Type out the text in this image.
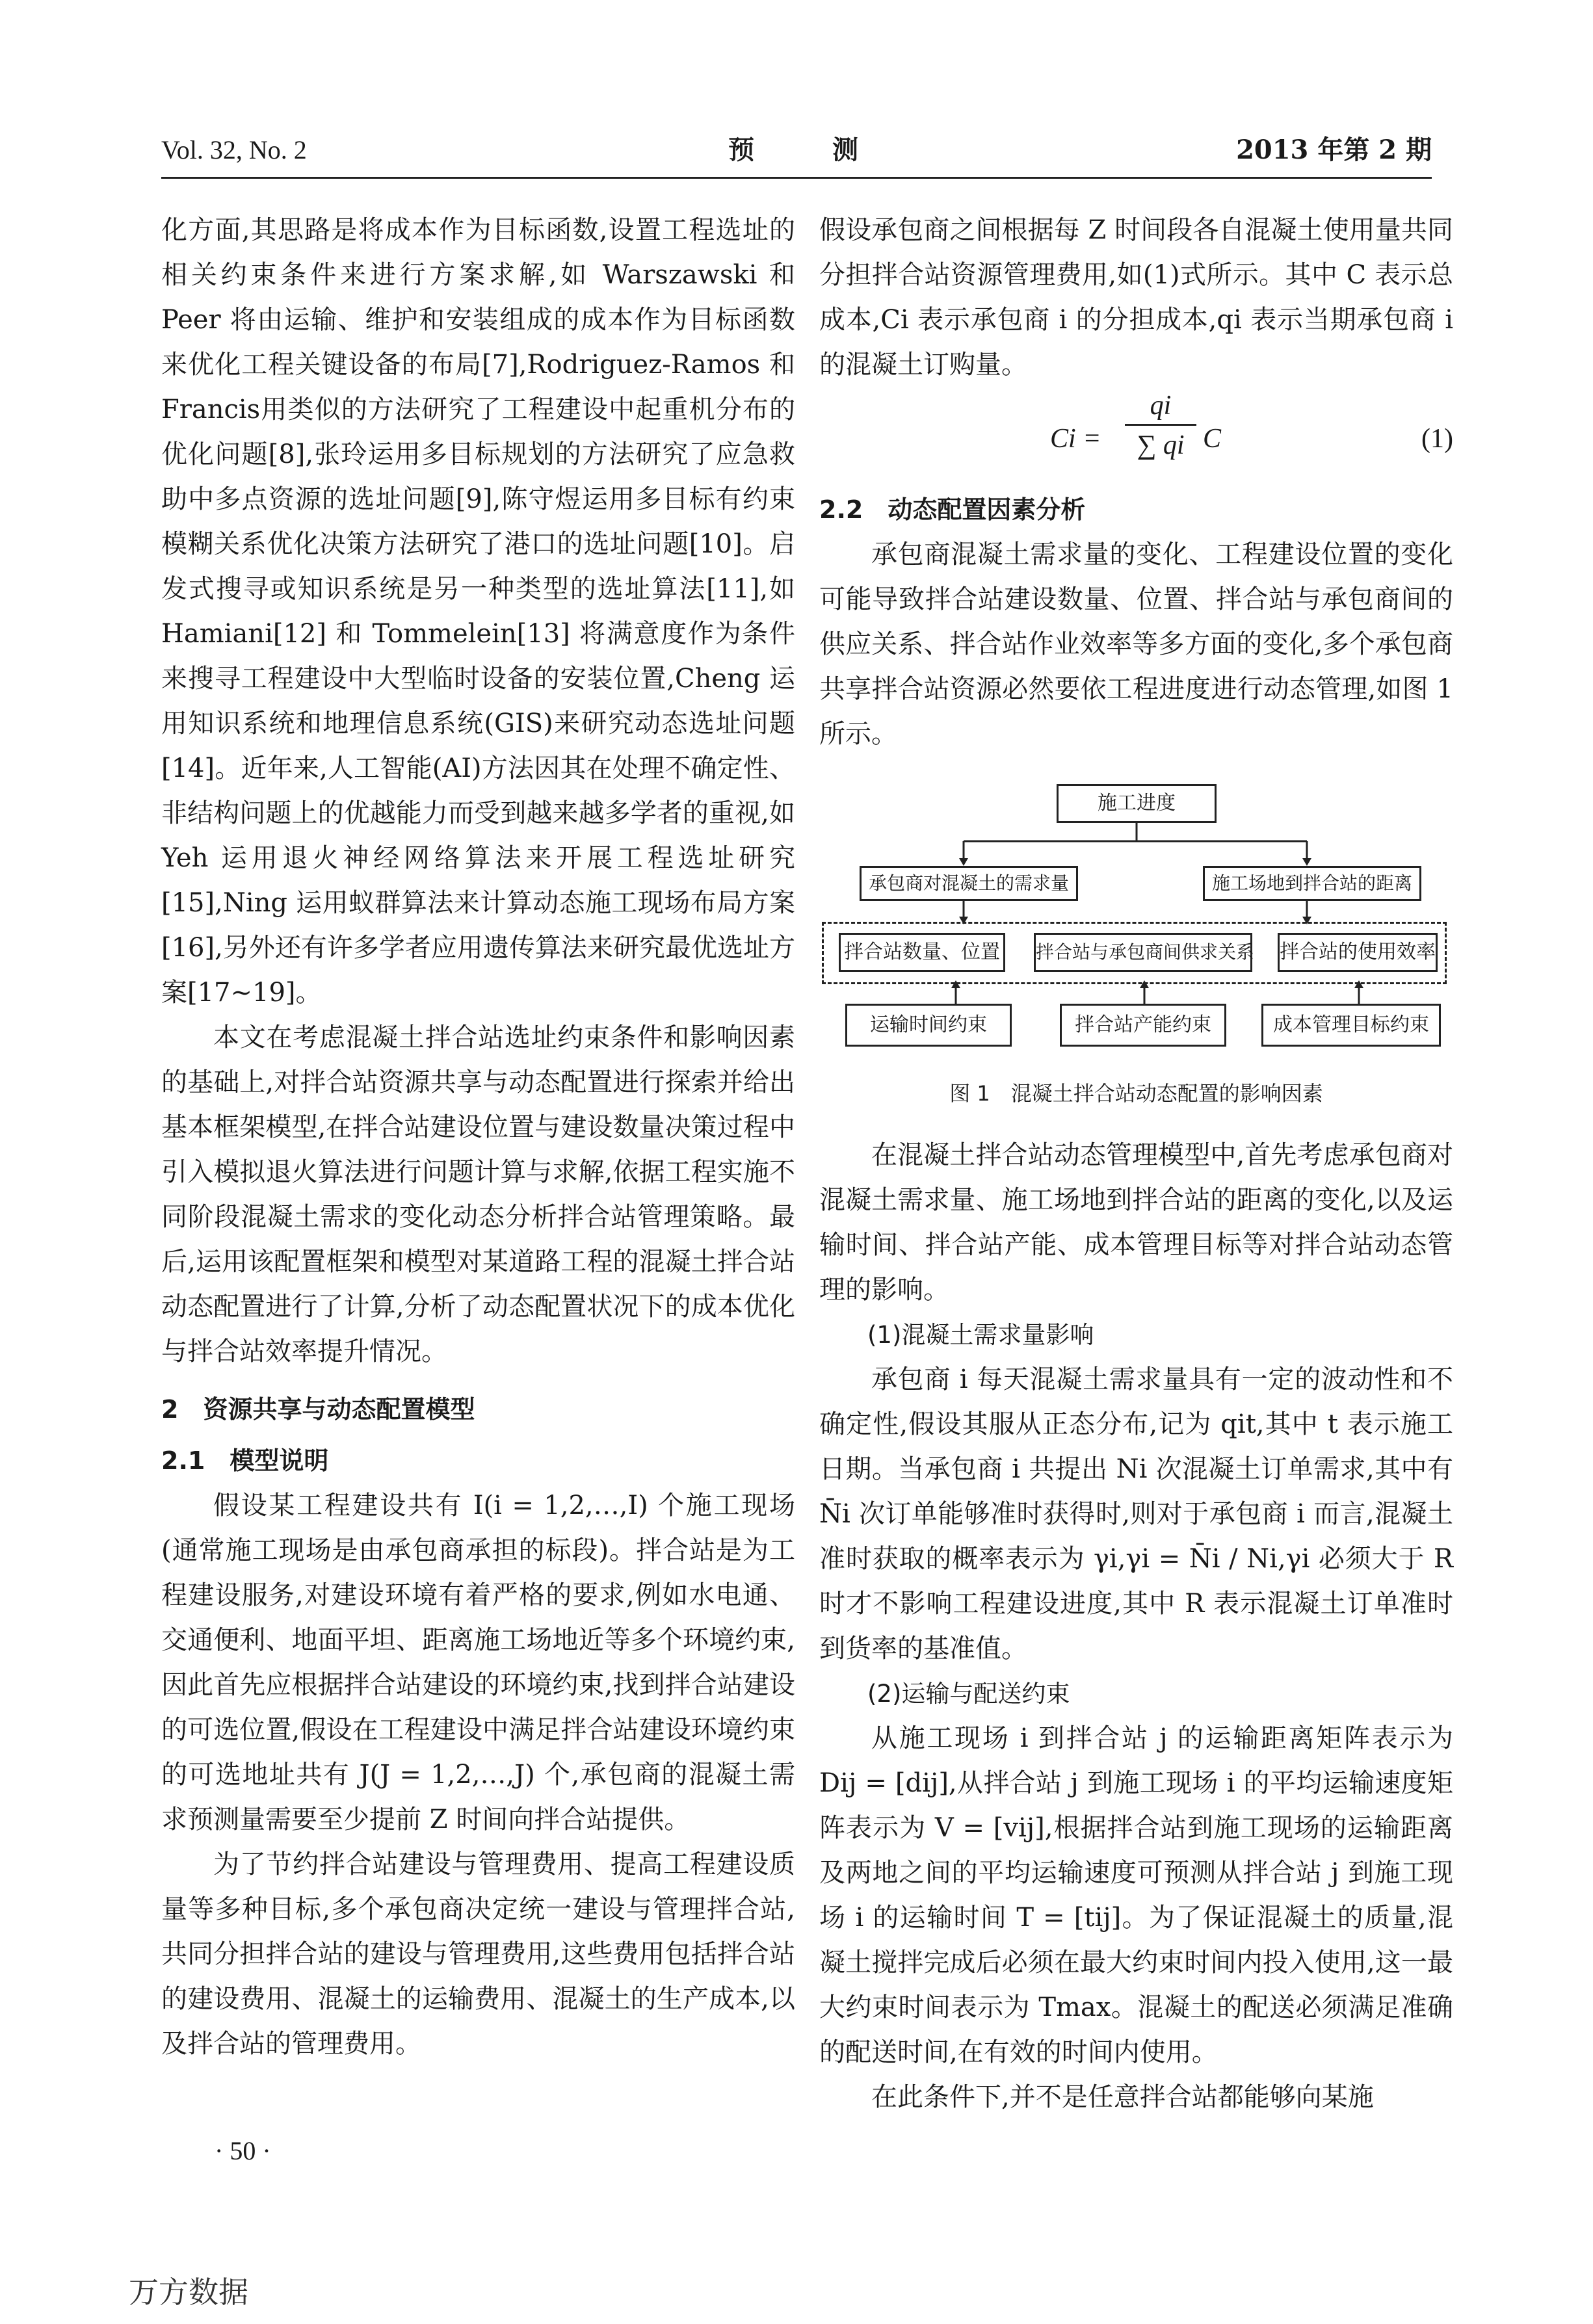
Vol. 32, No. 2	预测	2013 年第 2 期

化方面,其思路是将成本作为目标函数,设置工程选址的相关约束条件来进行方案求解,如 Warszawski 和 Peer 将由运输、维护和安装组成的成本作为目标函数来优化工程关键设备的布局[7],Rodriguez-Ramos 和 Francis用类似的方法研究了工程建设中起重机分布的优化问题[8],张玲运用多目标规划的方法研究了应急救助中多点资源的选址问题[9],陈守煜运用多目标有约束模糊关系优化决策方法研究了港口的选址问题[10]。启发式搜寻或知识系统是另一种类型的选址算法[11],如 Hamiani[12] 和 Tommelein[13] 将满意度作为条件来搜寻工程建设中大型临时设备的安装位置,Cheng 运用知识系统和地理信息系统(GIS)来研究动态选址问题[14]。近年来,人工智能(AI)方法因其在处理不确定性、非结构问题上的优越能力而受到越来越多学者的重视,如 Yeh 运用退火神经网络算法来开展工程选址研究[15],Ning 运用蚁群算法来计算动态施工现场布局方案[16],另外还有许多学者应用遗传算法来研究最优选址方案[17~19]。

本文在考虑混凝土拌合站选址约束条件和影响因素的基础上,对拌合站资源共享与动态配置进行探索并给出基本框架模型,在拌合站建设位置与建设数量决策过程中引入模拟退火算法进行问题计算与求解,依据工程实施不同阶段混凝土需求的变化动态分析拌合站管理策略。最后,运用该配置框架和模型对某道路工程的混凝土拌合站动态配置进行了计算,分析了动态配置状况下的成本优化与拌合站效率提升情况。

2　资源共享与动态配置模型

2.1　模型说明

假设某工程建设共有 I(i = 1,2,…,I) 个施工现场(通常施工现场是由承包商承担的标段)。拌合站是为工程建设服务,对建设环境有着严格的要求,例如水电通、交通便利、地面平坦、距离施工场地近等多个环境约束,因此首先应根据拌合站建设的环境约束,找到拌合站建设的可选位置,假设在工程建设中满足拌合站建设环境约束的可选地址共有 J(J = 1,2,…,J) 个,承包商的混凝土需求预测量需要至少提前 Z 时间向拌合站提供。

为了节约拌合站建设与管理费用、提高工程建设质量等多种目标,多个承包商决定统一建设与管理拌合站,共同分担拌合站的建设与管理费用,这些费用包括拌合站的建设费用、混凝土的运输费用、混凝土的生产成本,以及拌合站的管理费用。

假设承包商之间根据每 Z 时间段各自混凝土使用量共同分担拌合站资源管理费用,如(1)式所示。其中 C 表示总成本,Ci 表示承包商 i 的分担成本,qi 表示当期承包商 i 的混凝土订购量。

Ci =
qi
∑ qi C	(1)

2.2　动态配置因素分析

承包商混凝土需求量的变化、工程建设位置的变化可能导致拌合站建设数量、位置、拌合站与承包商间的供应关系、拌合站作业效率等多方面的变化,多个承包商共享拌合站资源必然要依工程进度进行动态管理,如图 1 所示。

施工进度
承包商对混凝土的需求量	施工场地到拌合站的距离
拌合站数量、位置 拌合站与承包商间供求关系 拌合站的使用效率
运输时间约束	拌合站产能约束	成本管理目标约束

图 1　混凝土拌合站动态配置的影响因素

在混凝土拌合站动态管理模型中,首先考虑承包商对混凝土需求量、施工场地到拌合站的距离的变化,以及运输时间、拌合站产能、成本管理目标等对拌合站动态管理的影响。

(1)混凝土需求量影响

承包商 i 每天混凝土需求量具有一定的波动性和不确定性,假设其服从正态分布,记为 qit,其中 t 表示施工日期。当承包商 i 共提出 Ni 次混凝土订单需求,其中有 N̄i 次订单能够准时获得时,则对于承包商 i 而言,混凝土准时获取的概率表示为 γi,γi = N̄i / Ni,γi 必须大于 R 时才不影响工程建设进度,其中 R 表示混凝土订单准时到货率的基准值。

(2)运输与配送约束

从施工现场 i 到拌合站 j 的运输距离矩阵表示为 Dij = [dij],从拌合站 j 到施工现场 i 的平均运输速度矩阵表示为 V = [vij],根据拌合站到施工现场的运输距离及两地之间的平均运输速度可预测从拌合站 j 到施工现场 i 的运输时间 T = [tij]。为了保证混凝土的质量,混凝土搅拌完成后必须在最大约束时间内投入使用,这一最大约束时间表示为 Tmax。混凝土的配送必须满足准确的配送时间,在有效的时间内使用。

在此条件下,并不是任意拌合站都能够向某施

· 50 ·
万方数据
